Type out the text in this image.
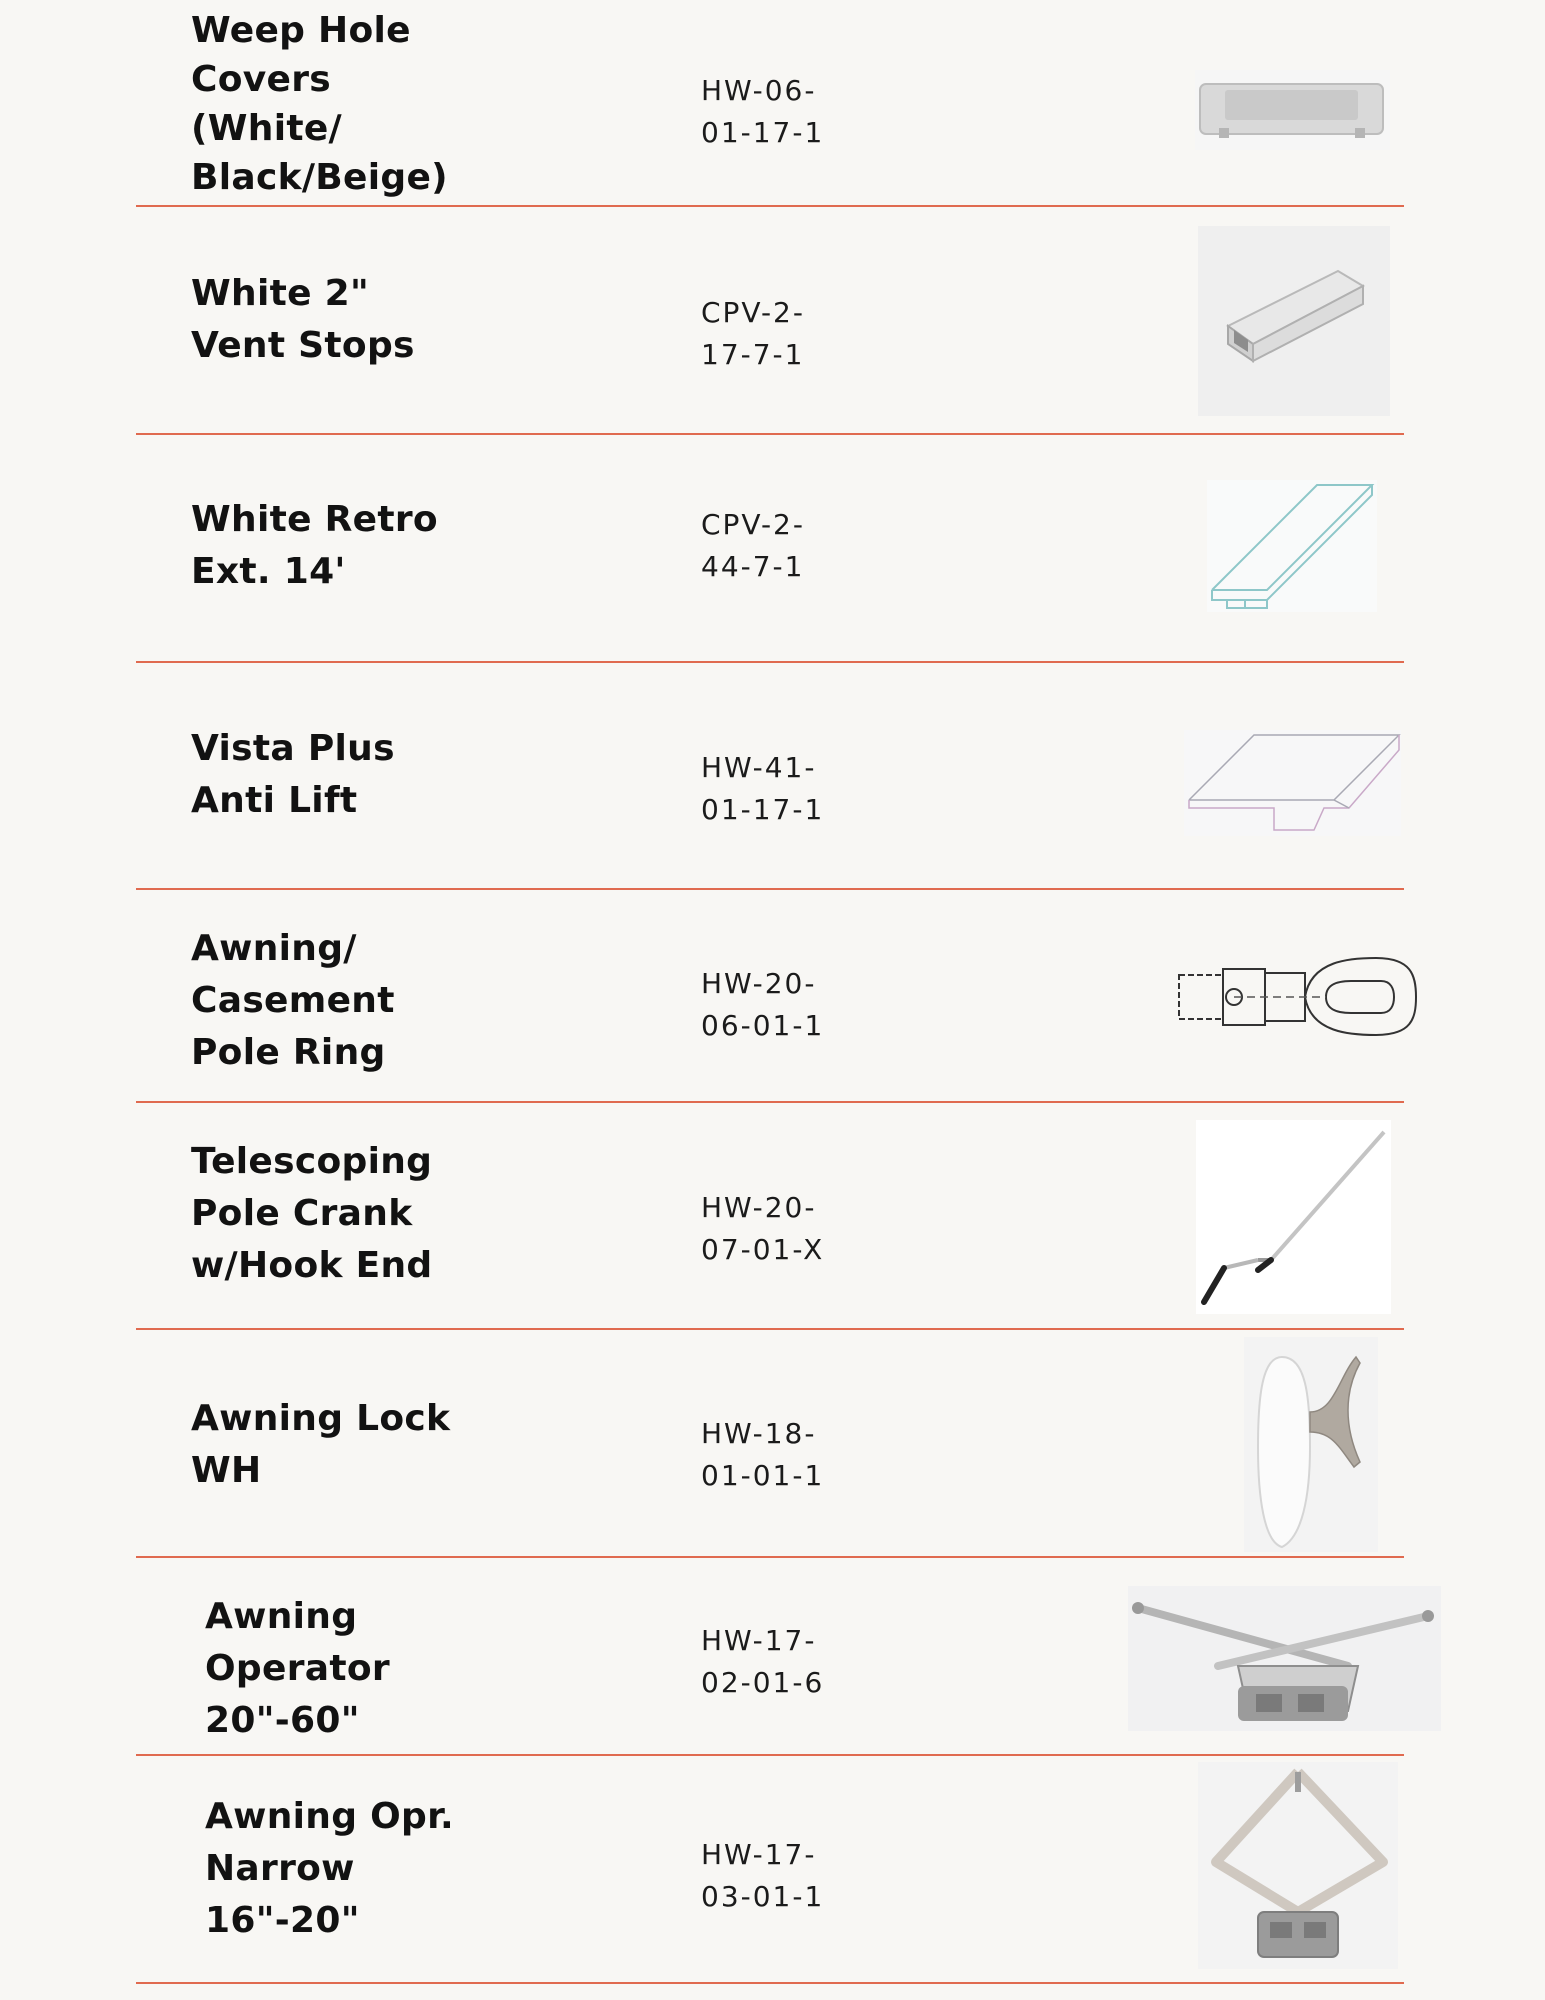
Weep Hole
Covers
(White/
Black/Beige)
HW-06-
01-17-1
White 2"
Vent Stops
CPV-2-
17-7-1
White Retro
Ext. 14'
CPV-2-
44-7-1
Vista Plus
Anti Lift
HW-41-
01-17-1
Awning/
Casement
Pole Ring
HW-20-
06-01-1
Telescoping
Pole Crank
w/Hook End
HW-20-
07-01-X
Awning Lock
WH
HW-18-
01-01-1
Awning
Operator
20"-60"
HW-17-
02-01-6
Awning Opr.
Narrow
16"-20"
HW-17-
03-01-1
